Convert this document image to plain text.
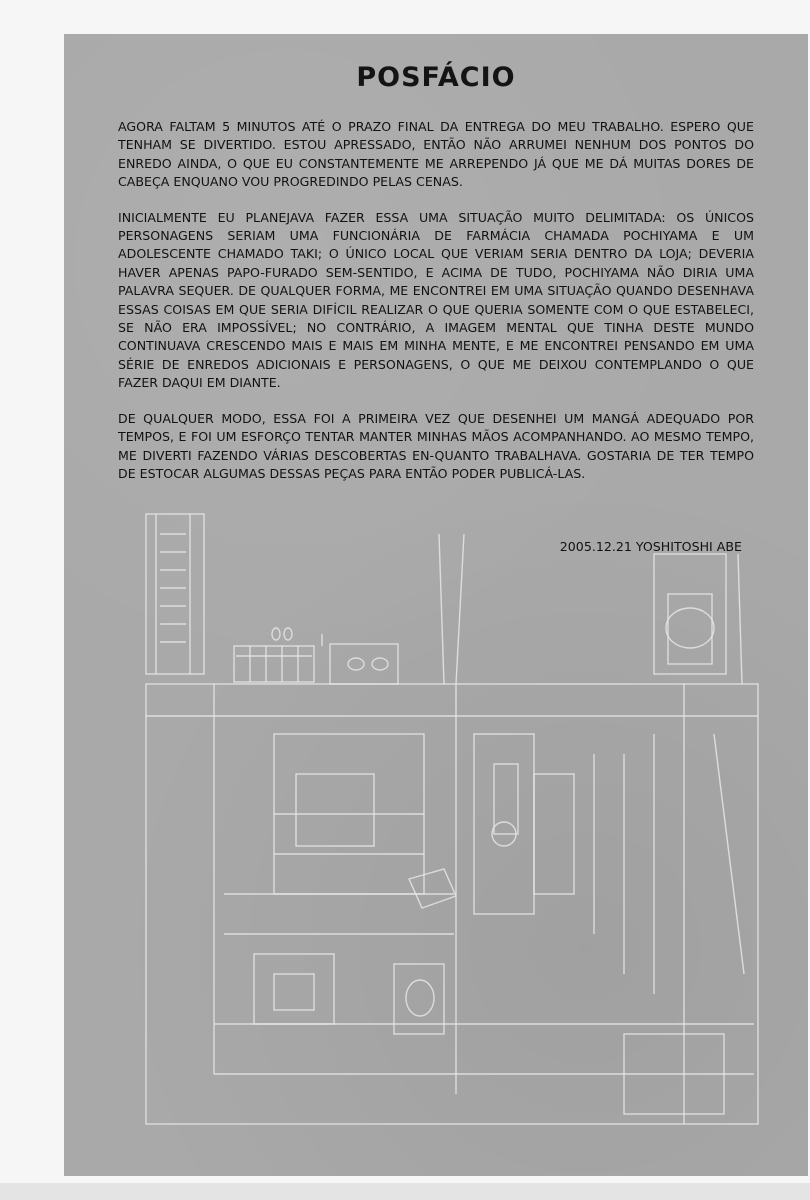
POSFÁCIO

AGORA FALTAM 5 MINUTOS ATÉ O PRAZO FINAL DA ENTREGA DO MEU TRABALHO. ESPERO QUE TENHAM SE DIVERTIDO. ESTOU APRESSADO, ENTÃO NÃO ARRUMEI NENHUM DOS PONTOS DO ENREDO AINDA, O QUE EU CONSTANTEMENTE ME ARREPENDO JÁ QUE ME DÁ MUITAS DORES DE CABEÇA ENQUANO VOU PROGREDINDO PELAS CENAS.

INICIALMENTE EU PLANEJAVA FAZER ESSA UMA SITUAÇÃO MUITO DELIMITADA: OS ÚNICOS PERSONAGENS SERIAM UMA FUNCIONÁRIA DE FARMÁCIA CHAMADA POCHIYAMA E UM ADOLESCENTE CHAMADO TAKI; O ÚNICO LOCAL QUE VERIAM SERIA DENTRO DA LOJA; DEVERIA HAVER APENAS PAPO-FURADO SEM-SENTIDO, E ACIMA DE TUDO, POCHIYAMA NÃO DIRIA UMA PALAVRA SEQUER. DE QUALQUER FORMA, ME ENCONTREI EM UMA SITUAÇÃO QUANDO DESENHAVA ESSAS COISAS EM QUE SERIA DIFÍCIL REALIZAR O QUE QUERIA SOMENTE COM O QUE ESTABELECI, SE NÃO ERA IMPOSSÍVEL; NO CONTRÁRIO, A IMAGEM MENTAL QUE TINHA DESTE MUNDO CONTINUAVA CRESCENDO MAIS E MAIS EM MINHA MENTE, E ME ENCONTREI PENSANDO EM UMA SÉRIE DE ENREDOS ADICIONAIS E PERSONAGENS, O QUE ME DEIXOU CONTEMPLANDO O QUE FAZER DAQUI EM DIANTE.

DE QUALQUER MODO, ESSA FOI A PRIMEIRA VEZ QUE DESENHEI UM MANGÁ ADEQUADO POR TEMPOS, E FOI UM ESFORÇO TENTAR MANTER MINHAS MÃOS ACOMPANHANDO. AO MESMO TEMPO, ME DIVERTI FAZENDO VÁRIAS DESCOBERTAS EN-QUANTO TRABALHAVA. GOSTARIA DE TER TEMPO DE ESTOCAR ALGUMAS DESSAS PEÇAS PARA ENTÃO PODER PUBLICÁ-LAS.

2005.12.21 YOSHITOSHI ABE
